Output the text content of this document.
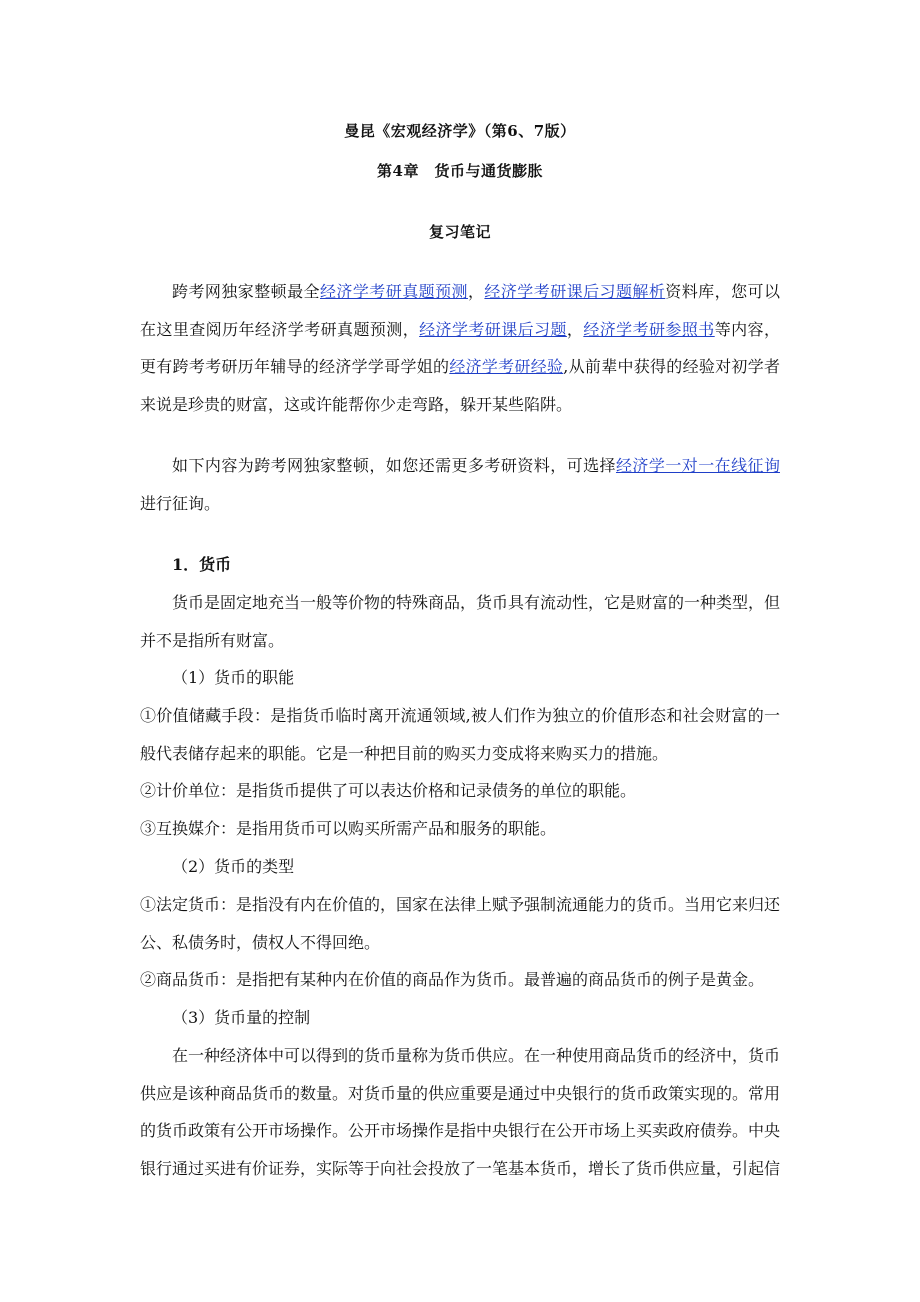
曼昆《宏观经济学》（第6、7版）
第4章　货币与通货膨胀
复习笔记
跨考网独家整顿最全经济学考研真题预测，经济学考研课后习题解析资料库，您可以在这里查阅历年经济学考研真题预测，经济学考研课后习题，经济学考研参照书等内容，更有跨考考研历年辅导的经济学学哥学姐的经济学考研经验,从前辈中获得的经验对初学者来说是珍贵的财富，这或许能帮你少走弯路，躲开某些陷阱。
如下内容为跨考网独家整顿，如您还需更多考研资料，可选择经济学一对一在线征询进行征询。
1．货币
货币是固定地充当一般等价物的特殊商品，货币具有流动性，它是财富的一种类型，但并不是指所有财富。
（1）货币的职能
①价值储藏手段：是指货币临时离开流通领域,被人们作为独立的价值形态和社会财富的一般代表储存起来的职能。它是一种把目前的购买力变成将来购买力的措施。
②计价单位：是指货币提供了可以表达价格和记录债务的单位的职能。
③互换媒介：是指用货币可以购买所需产品和服务的职能。
（2）货币的类型
①法定货币：是指没有内在价值的，国家在法律上赋予强制流通能力的货币。当用它来归还公、私债务时，债权人不得回绝。
②商品货币：是指把有某种内在价值的商品作为货币。最普遍的商品货币的例子是黄金。
（3）货币量的控制
在一种经济体中可以得到的货币量称为货币供应。在一种使用商品货币的经济中，货币供应是该种商品货币的数量。对货币量的供应重要是通过中央银行的货币政策实现的。常用的货币政策有公开市场操作。公开市场操作是指中央银行在公开市场上买卖政府债券。中央银行通过买进有价证券，实际等于向社会投放了一笔基本货币，增长了货币供应量，引起信
